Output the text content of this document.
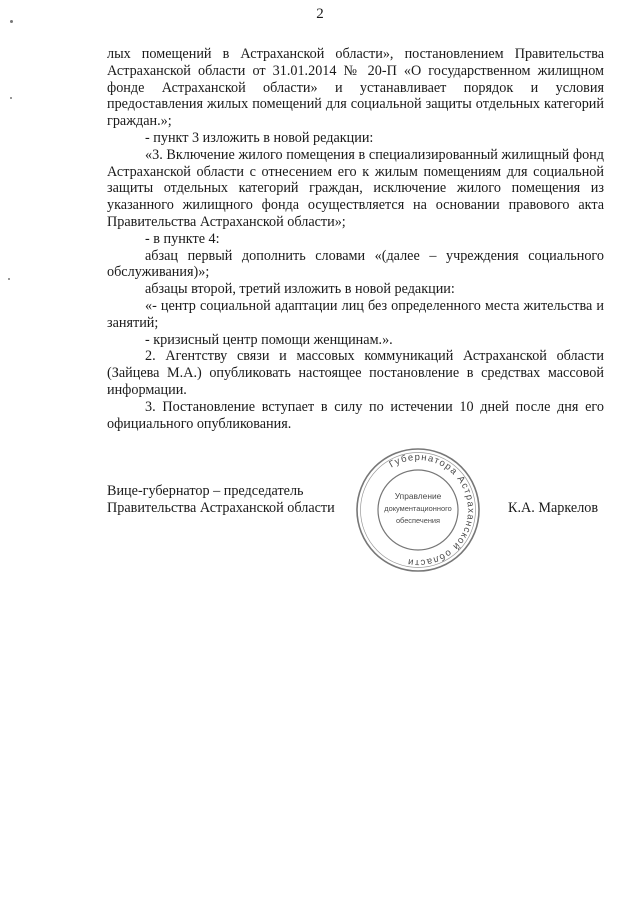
2

лых помещений в Астраханской области», постановлением Правительства Астраханской области от 31.01.2014 № 20-П «О государственном жилищном фонде Астраханской области» и устанавливает порядок и условия предоставления жилых помещений для социальной защиты отдельных категорий граждан.»;

- пункт 3 изложить в новой редакции:

«3. Включение жилого помещения в специализированный жилищный фонд Астраханской области с отнесением его к жилым помещениям для социальной защиты отдельных категорий граждан, исключение жилого помещения из указанного жилищного фонда осуществляется на основании правового акта Правительства Астраханской области»;

- в пункте 4:

абзац первый дополнить словами «(далее – учреждения социального обслуживания)»;

абзацы второй, третий изложить в новой редакции:

«- центр социальной адаптации лиц без определенного места жительства и занятий;

- кризисный центр помощи женщинам.».

2. Агентству связи и массовых коммуникаций Астраханской области (Зайцева М.А.) опубликовать настоящее постановление в средствах массовой информации.

3. Постановление вступает в силу по истечении 10 дней после дня его официального опубликования.

Вице-губернатор – председатель
Правительства Астраханской области
Губернатора Астраханской области
Управление
документационного
обеспечения
К.А. Маркелов
